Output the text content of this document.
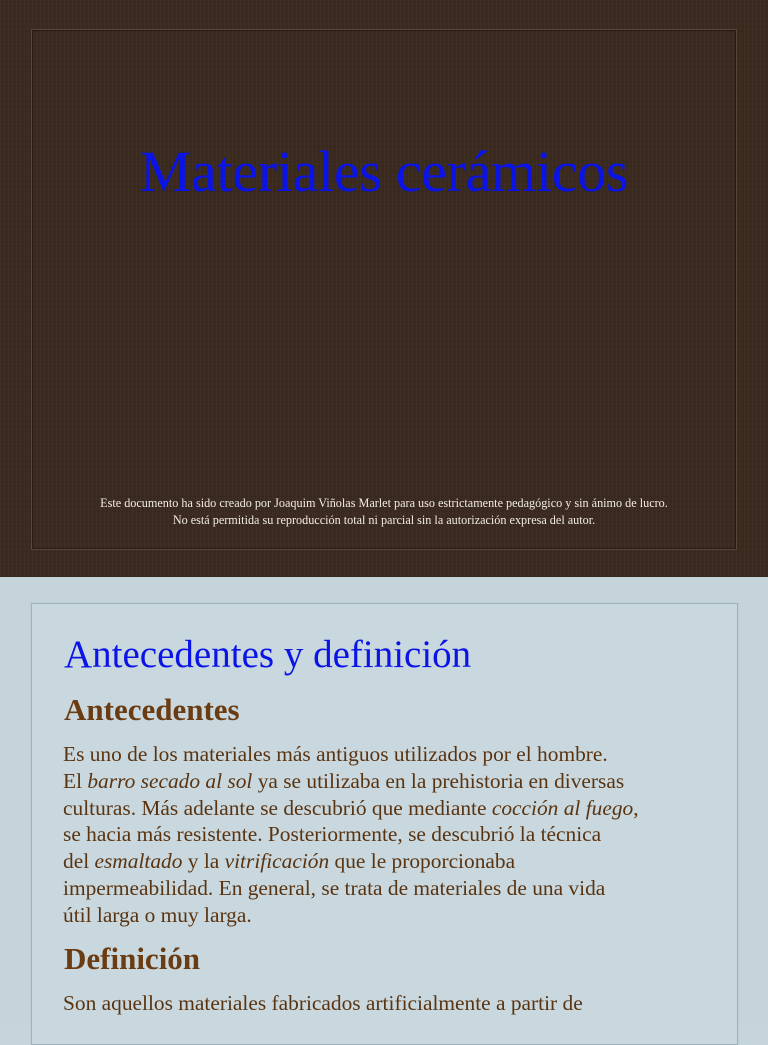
Materiales cerámicos
Este documento ha sido creado por Joaquim Viñolas Marlet para uso estrictamente pedagógico y sin ánimo de lucro.
No está permitida su reproducción total ni parcial sin la autorización expresa del autor.
Antecedentes y definición
Antecedentes
Es uno de los materiales más antiguos utilizados por el hombre.
El barro secado al sol ya se utilizaba en la prehistoria en diversas
culturas. Más adelante se descubrió que mediante cocción al fuego,
se hacia más resistente. Posteriormente, se descubrió la técnica
del esmaltado y la vitrificación que le proporcionaba
impermeabilidad. En general, se trata de materiales de una vida
útil larga o muy larga.
Definición
Son aquellos materiales fabricados artificialmente a partir de
